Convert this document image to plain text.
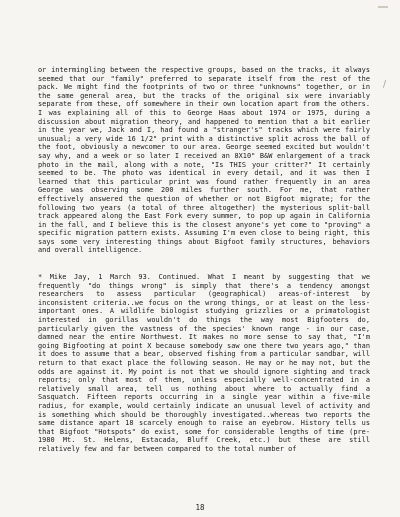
/

or intermingling between the respective groups, based on the tracks, it always seemed that our "family" preferred to separate itself from the rest of the pack. We might find the footprints of two or three "unknowns" together, or in the same general area, but the tracks of the original six were invariably separate from these, off somewhere in their own location apart from the others. I was explaining all of this to George Haas about 1974 or 1975, during a discussion about migration theory, and happened to mention that a bit earlier in the year we, Jack and I, had found a "stranger's" tracks which were fairly unusual; a very wide 16 1/2" print with a distinctive split across the ball of the foot, obviously a newcomer to our area. George seemed excited but wouldn't say why, and a week or so later I received an 8X10" B&W enlargement of a track photo in the mail, along with a note, "Is THIS your critter?" It certainly seemed to be. The photo was identical in every detail, and it was then I learned that this particular print was found rather frequently in an area George was observing some 200 miles further south. For me, that rather effectively answered the question of whether or not Bigfoot migrate; for the following two years (a total of three altogether) the mysterious split-ball track appeared along the East Fork every summer, to pop up again in California in the fall, and I believe this is the closest anyone's yet come to "proving" a specific migration pattern exists. Assuming I'm even close to being right, this says some very interesting things about Bigfoot family structures, behaviors and overall intelligence.

* Mike Jay, 1 March 93. Continued. What I meant by suggesting that we frequently "do things wrong" is simply that there's a tendency amongst researchers to assess particular (geographical) areas-of-interest by inconsistent criteria..we focus on the wrong things, or at least on the less-important ones. A wildlife biologist studying grizzlies or a primatologist interested in gorillas wouldn't do things the way most Bigfooters do, particularly given the vastness of the species' known range - in our case, damned near the entire Northwest. It makes no more sense to say that, "I'm going Bigfooting at point X because somebody saw one there two years ago," than it does to assume that a bear, observed fishing from a particular sandbar, will return to that exact place the following season. He may or he may not, but the odds are against it. My point is not that we should ignore sighting and track reports; only that most of them, unless especially well-concentrated in a relatively small area, tell us nothing about where to actually find a Sasquatch. Fifteen reports occurring in a single year within a five-mile radius, for example, would certainly indicate an unusual level of activity and is something which should be thoroughly investigated..whereas two reports the same distance apart 18 scarcely enough to raise an eyebrow. History tells us that Bigfoot "Hotspots" do exist, some for considerable lengths of time (pre-1980 Mt. St. Helens, Estacada, Bluff Creek, etc.) but these are still relatively few and far between compared to the total number of

18
